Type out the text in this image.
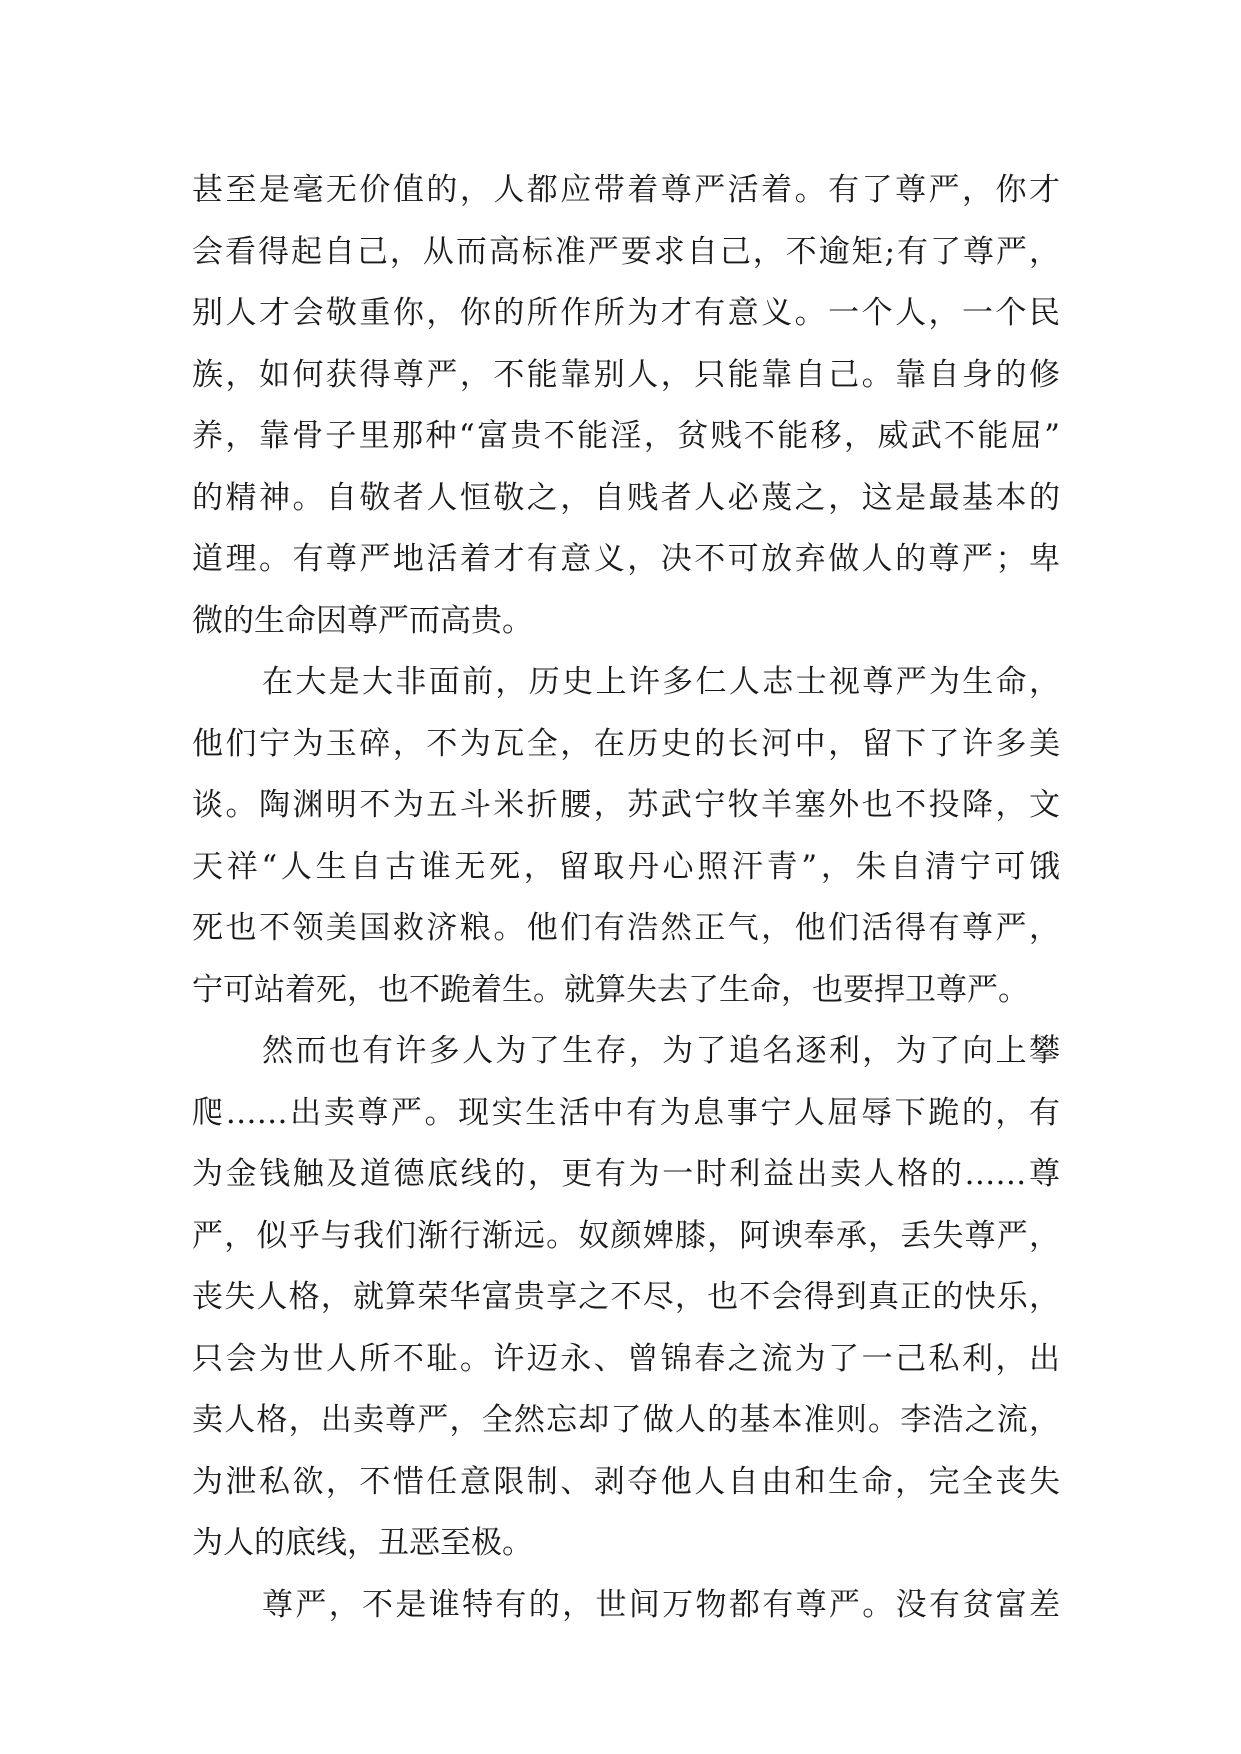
甚至是毫无价值的，人都应带着尊严活着。有了尊严，你才
会看得起自己，从而高标准严要求自己，不逾矩;有了尊严，
别人才会敬重你，你的所作所为才有意义。一个人，一个民
族，如何获得尊严，不能靠别人，只能靠自己。靠自身的修
养，靠骨子里那种“富贵不能淫，贫贱不能移，威武不能屈”
的精神。自敬者人恒敬之，自贱者人必蔑之，这是最基本的
道理。有尊严地活着才有意义，决不可放弃做人的尊严；卑
微的生命因尊严而高贵。
在大是大非面前，历史上许多仁人志士视尊严为生命，
他们宁为玉碎，不为瓦全，在历史的长河中，留下了许多美
谈。陶渊明不为五斗米折腰，苏武宁牧羊塞外也不投降，文
天祥“人生自古谁无死，留取丹心照汗青”，朱自清宁可饿
死也不领美国救济粮。他们有浩然正气，他们活得有尊严，
宁可站着死，也不跪着生。就算失去了生命，也要捍卫尊严。
然而也有许多人为了生存，为了追名逐利，为了向上攀
爬……出卖尊严。现实生活中有为息事宁人屈辱下跪的，有
为金钱触及道德底线的，更有为一时利益出卖人格的……尊
严，似乎与我们渐行渐远。奴颜婢膝，阿谀奉承，丢失尊严，
丧失人格，就算荣华富贵享之不尽，也不会得到真正的快乐，
只会为世人所不耻。许迈永、曾锦春之流为了一己私利，出
卖人格，出卖尊严，全然忘却了做人的基本准则。李浩之流，
为泄私欲，不惜任意限制、剥夺他人自由和生命，完全丧失
为人的底线，丑恶至极。
尊严，不是谁特有的，世间万物都有尊严。没有贫富差
